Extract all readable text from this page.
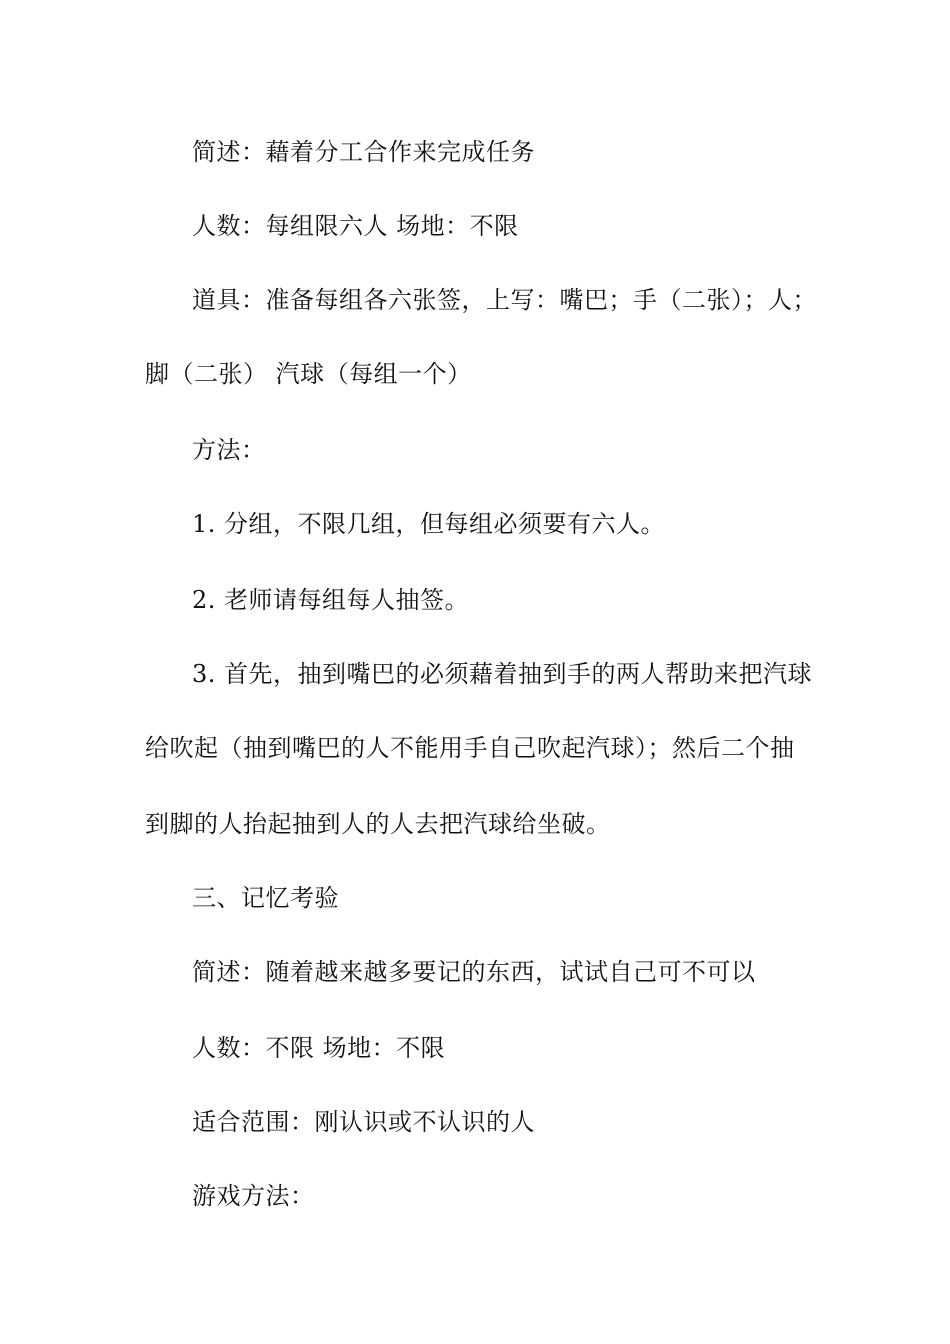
简述：藉着分工合作来完成任务
人数：每组限六人 场地：不限
道具：准备每组各六张签，上写：嘴巴；手（二张）；人；
脚（二张） 汽球（每组一个）
方法：
1. 分组，不限几组，但每组必须要有六人。
2. 老师请每组每人抽签。
3. 首先，抽到嘴巴的必须藉着抽到手的两人帮助来把汽球
给吹起（抽到嘴巴的人不能用手自己吹起汽球）；然后二个抽
到脚的人抬起抽到人的人去把汽球给坐破。
三、记忆考验
简述：随着越来越多要记的东西，试试自己可不可以
人数：不限 场地：不限
适合范围：刚认识或不认识的人
游戏方法：
